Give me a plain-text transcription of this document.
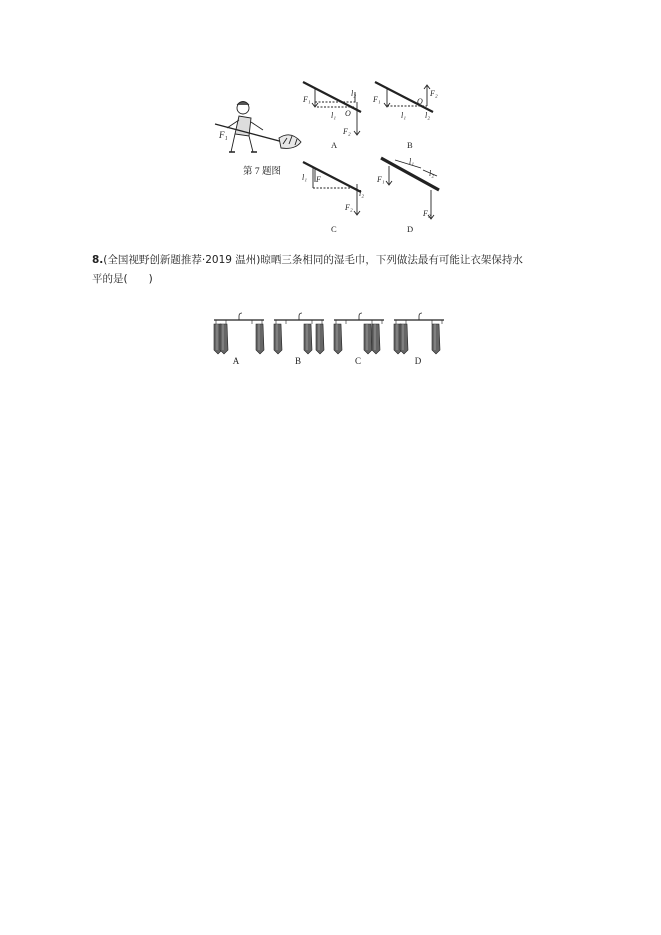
F₁
第 7 题图
F₁
l₂
l₁ O
F₂
A
F₁
F₂
O
l₁ l₂
B
l₁ F
l₂
F₂
C
F₁
l₁
l₂
F₂
D
8.(全国视野创新题推荐·2019 温州)晾晒三条相同的湿毛巾，下列做法最有可能让衣架保持水
平的是(　　)
A	B	C	D
